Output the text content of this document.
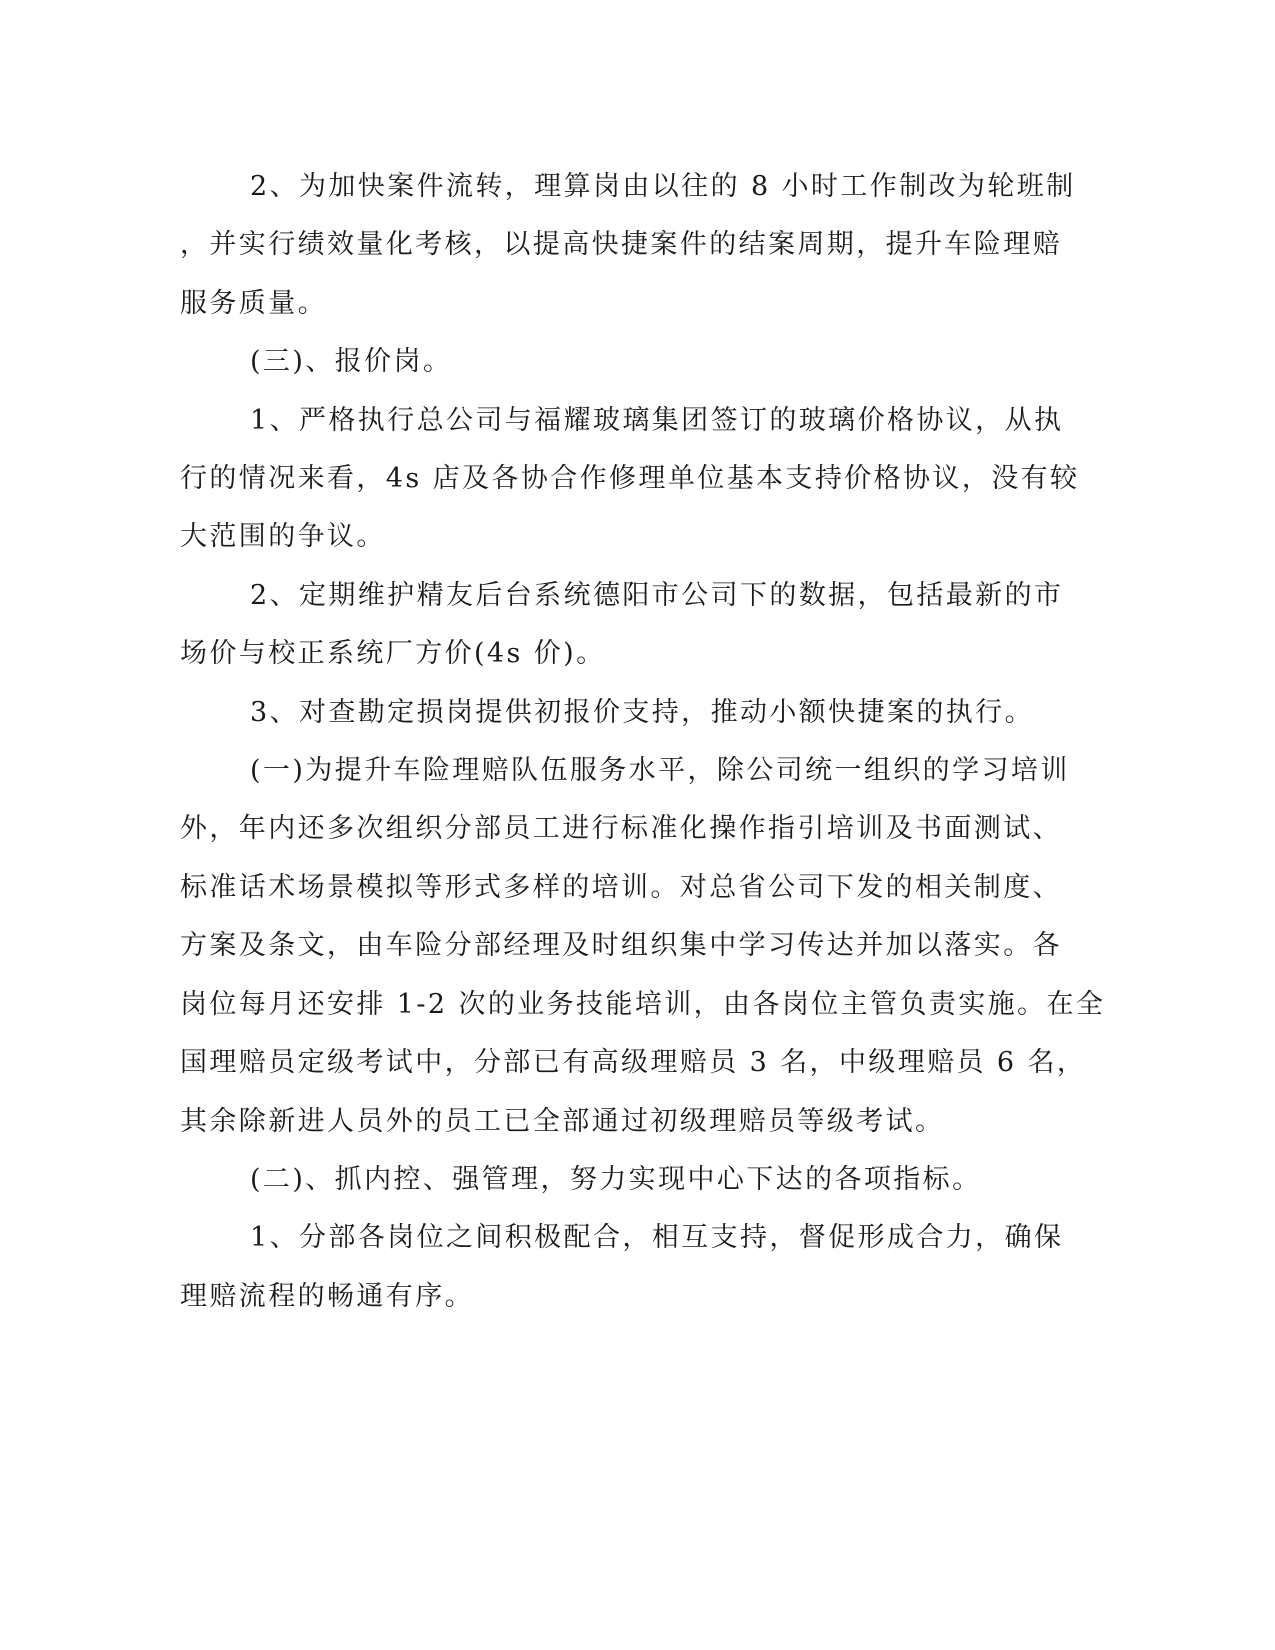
2、为加快案件流转，理算岗由以往的 8 小时工作制改为轮班制

，并实行绩效量化考核，以提高快捷案件的结案周期，提升车险理赔

服务质量。

(三)、报价岗。

1、严格执行总公司与福耀玻璃集团签订的玻璃价格协议，从执

行的情况来看，4s 店及各协合作修理单位基本支持价格协议，没有较

大范围的争议。

2、定期维护精友后台系统德阳市公司下的数据，包括最新的市

场价与校正系统厂方价(4s 价)。

3、对查勘定损岗提供初报价支持，推动小额快捷案的执行。

(一)为提升车险理赔队伍服务水平，除公司统一组织的学习培训

外，年内还多次组织分部员工进行标准化操作指引培训及书面测试、

标准话术场景模拟等形式多样的培训。对总省公司下发的相关制度、

方案及条文，由车险分部经理及时组织集中学习传达并加以落实。各

岗位每月还安排 1-2 次的业务技能培训，由各岗位主管负责实施。在全

国理赔员定级考试中，分部已有高级理赔员 3 名，中级理赔员 6 名，

其余除新进人员外的员工已全部通过初级理赔员等级考试。

(二)、抓内控、强管理，努力实现中心下达的各项指标。

1、分部各岗位之间积极配合，相互支持，督促形成合力，确保

理赔流程的畅通有序。
